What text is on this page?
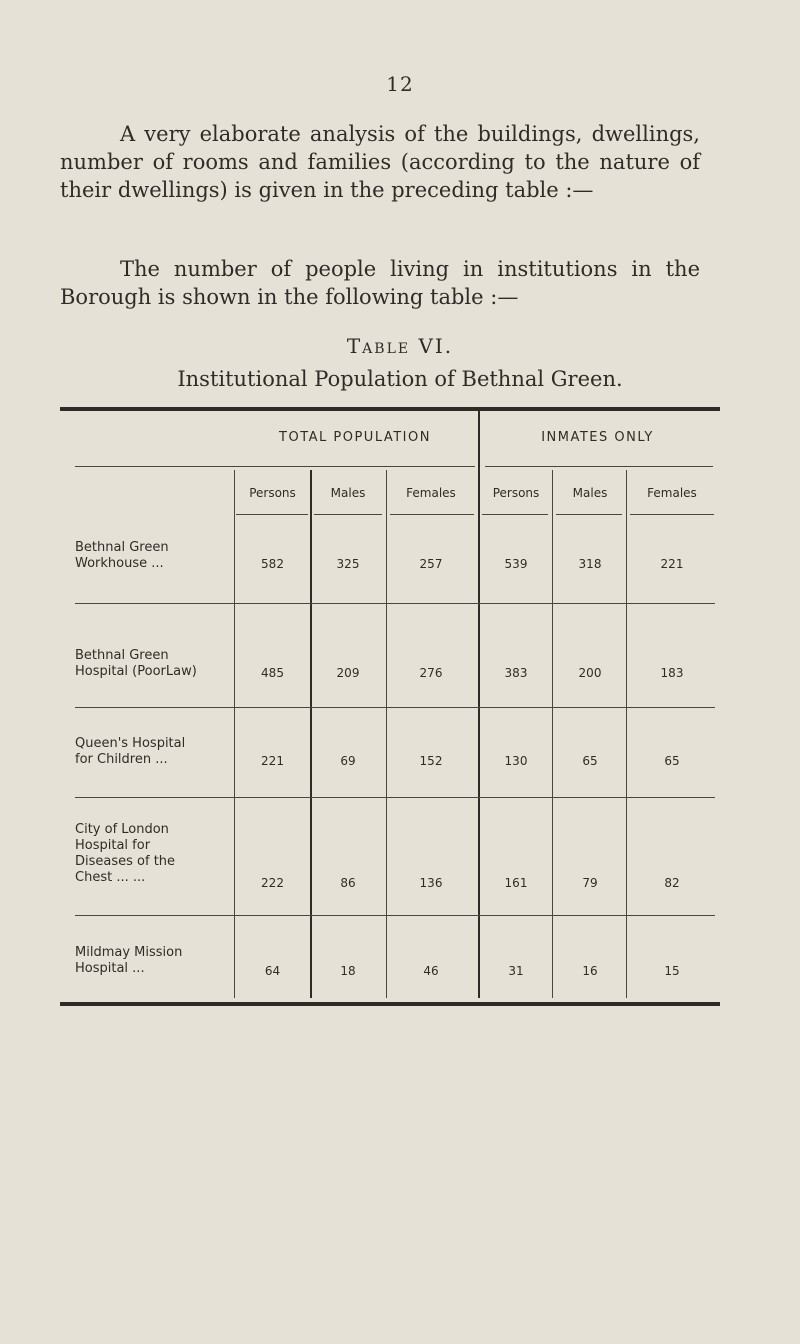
12

A very elaborate analysis of the buildings, dwellings, number of rooms and families (according to the nature of their dwellings) is given in the preceding table :—

The number of people living in institutions in the Borough is shown in the following table :—

Table VI.
Institutional Population of Bethnal Green.
TOTAL POPULATION	INMATES ONLY
Persons	Males	Females	Persons	Males	Females
Bethnal Green
Workhouse ...	582	325	257	539	318	221
Bethnal Green
Hospital (PoorLaw)	485	209	276	383	200	183
Queen's Hospital
for Children ...	221	69	152	130	65	65
City of London
Hospital for
Diseases of the
Chest ... ...	222	86	136	161	79	82
Mildmay Mission
Hospital ...	64	18	46	31	16	15
